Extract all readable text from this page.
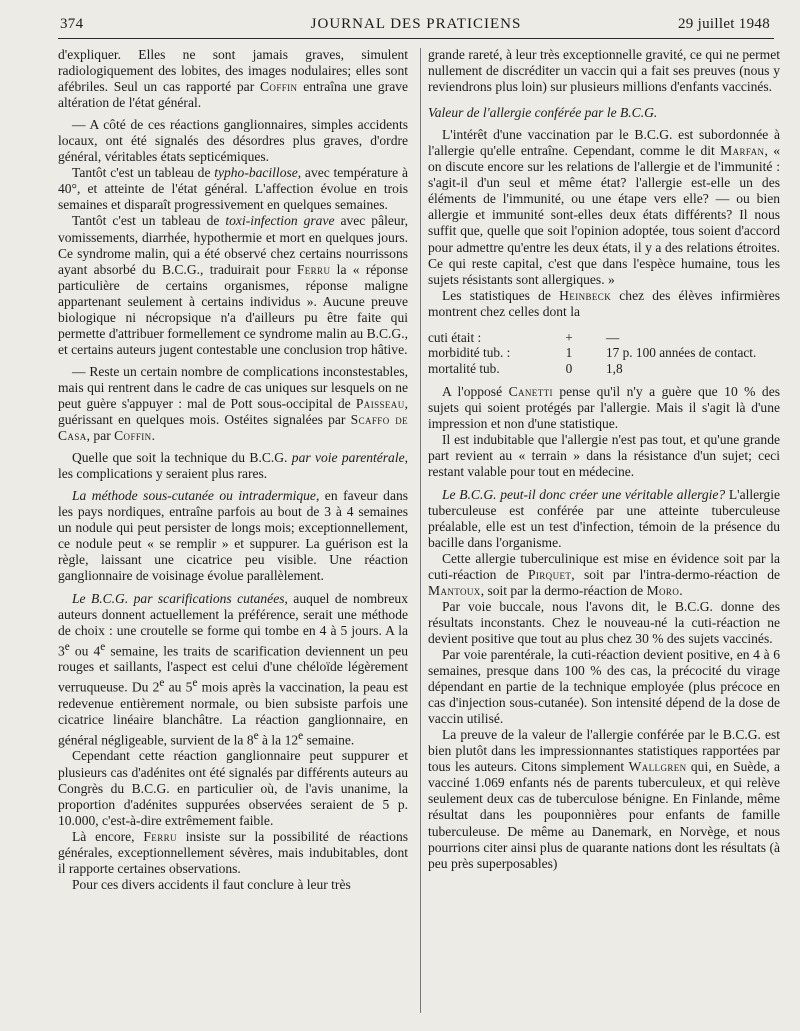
374	JOURNAL DES PRATICIENS	29 juillet 1948

d'expliquer. Elles ne sont jamais graves, simulent radiologiquement des lobites, des images nodulaires; elles sont afébriles. Seul un cas rapporté par Coffin entraîna une grave altération de l'état général.

— A côté de ces réactions ganglionnaires, simples accidents locaux, ont été signalés des désordres plus graves, d'ordre général, véritables états septicémiques.

Tantôt c'est un tableau de typho-bacillose, avec température à 40°, et atteinte de l'état général. L'affection évolue en trois semaines et disparaît progressivement en quelques semaines.

Tantôt c'est un tableau de toxi-infection grave avec pâleur, vomissements, diarrhée, hypothermie et mort en quelques jours. Ce syndrome malin, qui a été observé chez certains nourrissons ayant absorbé du B.C.G., traduirait pour Ferru la « réponse particulière de certains organismes, réponse maligne appartenant seulement à certains individus ». Aucune preuve biologique ni nécropsique n'a d'ailleurs pu être faite qui permette d'attribuer formellement ce syndrome malin au B.C.G., et certains auteurs jugent contestable une conclusion trop hâtive.

— Reste un certain nombre de complications inconstestables, mais qui rentrent dans le cadre de cas uniques sur lesquels on ne peut guère s'appuyer : mal de Pott sous-occipital de Paisseau, guérissant en quelques mois. Ostéites signalées par Scaffo de Casa, par Coffin.

Quelle que soit la technique du B.C.G. par voie parentérale, les complications y seraient plus rares.

La méthode sous-cutanée ou intradermique, en faveur dans les pays nordiques, entraîne parfois au bout de 3 à 4 semaines un nodule qui peut persister de longs mois; exceptionnellement, ce nodule peut « se remplir » et suppurer. La guérison est la règle, laissant une cicatrice peu visible. Une réaction ganglionnaire de voisinage évolue parallèlement.

Le B.C.G. par scarifications cutanées, auquel de nombreux auteurs donnent actuellement la préférence, serait une méthode de choix : une croutelle se forme qui tombe en 4 à 5 jours. A la 3e ou 4e semaine, les traits de scarification deviennent un peu rouges et saillants, l'aspect est celui d'une chéloïde légèrement verruqueuse. Du 2e au 5e mois après la vaccination, la peau est redevenue entièrement normale, ou bien subsiste parfois une cicatrice linéaire blanchâtre. La réaction ganglionnaire, en général négligeable, survient de la 8e à la 12e semaine.

Cependant cette réaction ganglionnaire peut suppurer et plusieurs cas d'adénites ont été signalés par différents auteurs au Congrès du B.C.G. en particulier où, de l'avis unanime, la proportion d'adénites suppurées observées seraient de 5 p. 10.000, c'est-à-dire extrêmement faible.

Là encore, Ferru insiste sur la possibilité de réactions générales, exceptionnellement sévères, mais indubitables, dont il rapporte certaines observations.

Pour ces divers accidents il faut conclure à leur très

grande rareté, à leur très exceptionnelle gravité, ce qui ne permet nullement de discréditer un vaccin qui a fait ses preuves (nous y reviendrons plus loin) sur plusieurs millions d'enfants vaccinés.

Valeur de l'allergie conférée par le B.C.G.

L'intérêt d'une vaccination par le B.C.G. est subordonnée à l'allergie qu'elle entraîne. Cependant, comme le dit Marfan, « on discute encore sur les relations de l'allergie et de l'immunité : s'agit-il d'un seul et même état? l'allergie est-elle un des éléments de l'immunité, ou une étape vers elle? — ou bien allergie et immunité sont-elles deux états différents? Il nous suffit que, quelle que soit l'opinion adoptée, tous soient d'accord pour admettre qu'entre les deux états, il y a des relations étroites. Ce qui reste capital, c'est que dans l'espèce humaine, tous les sujets résistants sont allergiques. »

Les statistiques de Heinbeck chez des élèves infirmières montrent chez celles dont la

cuti était :	+	—
morbidité tub. :	1	17 p. 100 années de contact.
mortalité tub.	0	1,8

A l'opposé Canetti pense qu'il n'y a guère que 10 % des sujets qui soient protégés par l'allergie. Mais il s'agit là d'une impression et non d'une statistique.

Il est indubitable que l'allergie n'est pas tout, et qu'une grande part revient au « terrain » dans la résistance d'un sujet; ceci restant valable pour tout en médecine.

Le B.C.G. peut-il donc créer une véritable allergie? L'allergie tuberculeuse est conférée par une atteinte tuberculeuse préalable, elle est un test d'infection, témoin de la présence du bacille dans l'organisme.

Cette allergie tuberculinique est mise en évidence soit par la cuti-réaction de Pirquet, soit par l'intra-dermo-réaction de Mantoux, soit par la dermo-réaction de Moro.

Par voie buccale, nous l'avons dit, le B.C.G. donne des résultats inconstants. Chez le nouveau-né la cuti-réaction ne devient positive que tout au plus chez 30 % des sujets vaccinés.

Par voie parentérale, la cuti-réaction devient positive, en 4 à 6 semaines, presque dans 100 % des cas, la précocité du virage dépendant en partie de la technique employée (plus précoce en cas d'injection sous-cutanée). Son intensité dépend de la dose de vaccin utilisé.

La preuve de la valeur de l'allergie conférée par le B.C.G. est bien plutôt dans les impressionnantes statistiques rapportées par tous les auteurs. Citons simplement Wallgren qui, en Suède, a vacciné 1.069 enfants nés de parents tuberculeux, et qui relève seulement deux cas de tuberculose bénigne. En Finlande, même résultat dans les pouponnières pour enfants de famille tuberculeuse. De même au Danemark, en Norvège, et nous pourrions citer ainsi plus de quarante nations dont les résultats (à peu près superposables)
